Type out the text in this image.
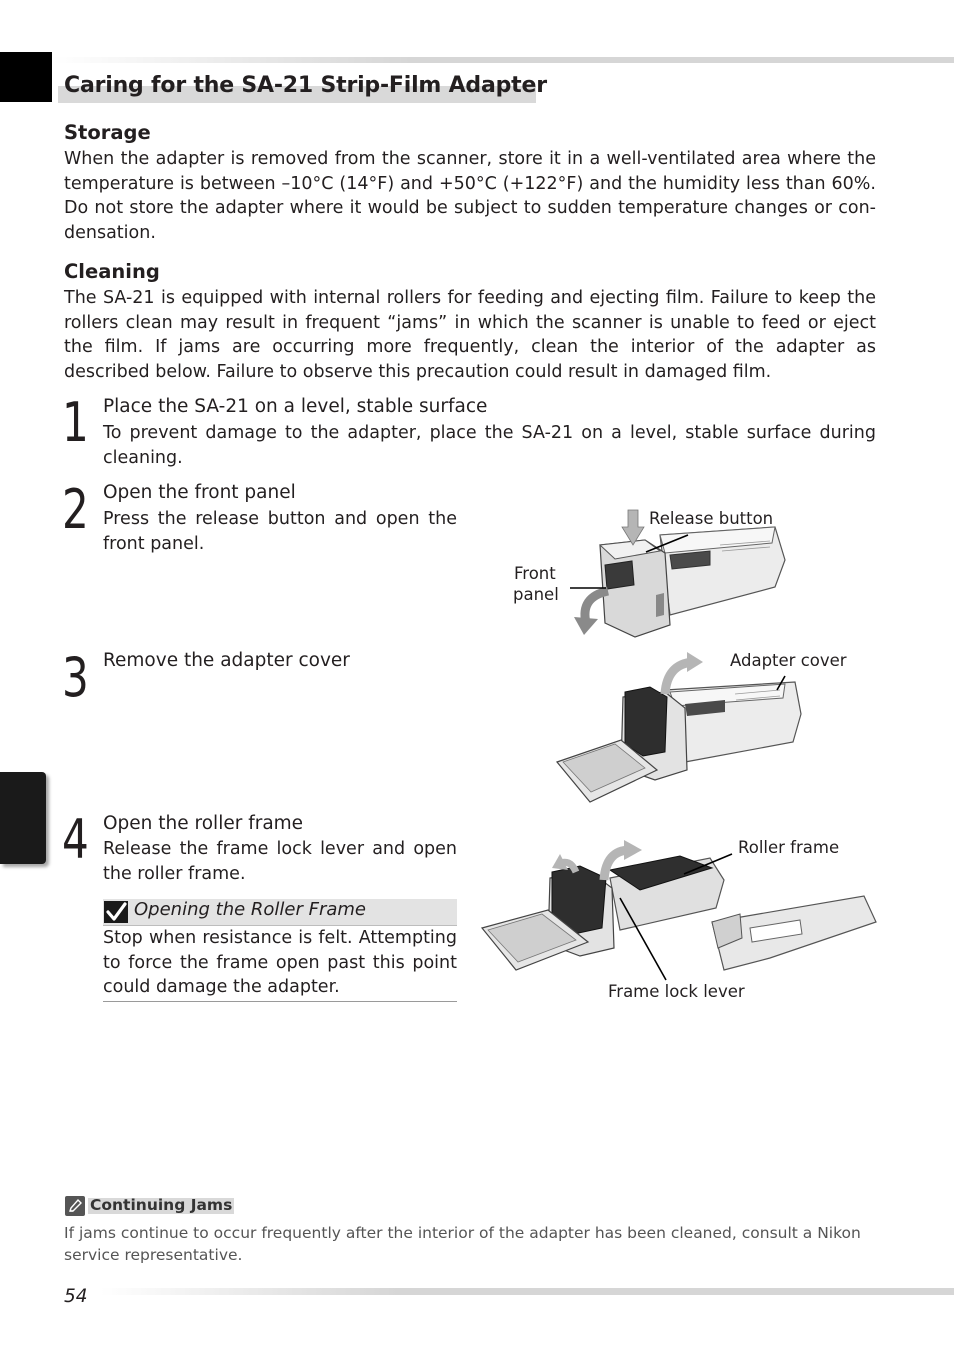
Caring for the SA-21 Strip-Film Adapter
Storage
When the adapter is removed from the scanner, store it in a well-ventilated area where the temperature is between –10°C (14°F) and +50°C (+122°F) and the humidity less than 60%. Do not store the adapter where it would be subject to sudden temperature changes or con-densation.
Cleaning
The SA-21 is equipped with internal rollers for feeding and ejecting film. Failure to keep the rollers clean may result in frequent “jams” in which the scanner is unable to feed or eject the film. If jams are occurring more frequently, clean the interior of the adapter as described below. Failure to observe this precaution could result in damaged film.
1 Place the SA-21 on a level, stable surface
To prevent damage to the adapter, place the SA-21 on a level, stable surface during cleaning.
2 Open the front panel
Press the release button and open the front panel.
3 Remove the adapter cover
4 Open the roller frame
Release the frame lock lever and open the roller frame.
Opening the Roller Frame
Stop when resistance is felt. Attempting to force the frame open past this point could damage the adapter.
Release button
Front
panel
Adapter cover
Roller frame
Frame lock lever
Continuing Jams
If jams continue to occur frequently after the interior of the adapter has been cleaned, consult a Nikon service representative.
54
